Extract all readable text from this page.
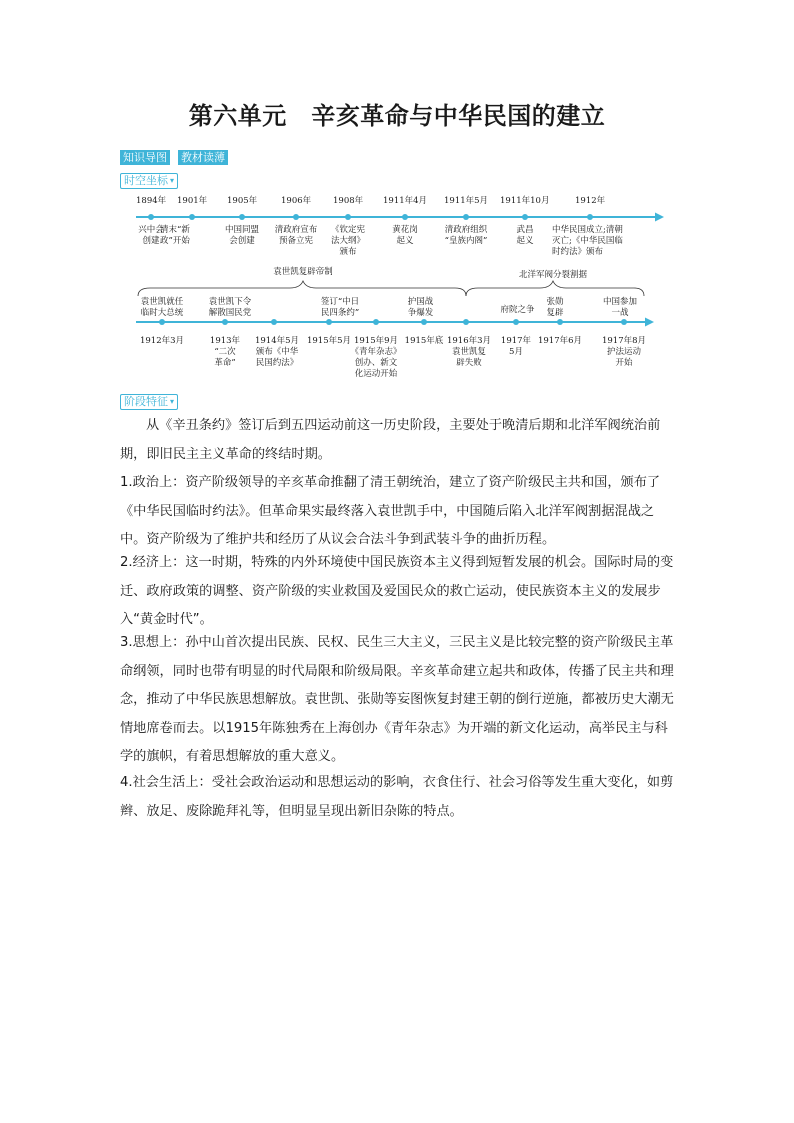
第六单元　辛亥革命与中华民国的建立
知识导图 教材读薄
时空坐标 ▾
1894年 1901年 1905年	1906年	1908年 1911年4月 1911年5月 1911年10月	1912年
兴中会
创建
清末“新
政”开始
中国同盟
会创建
清政府宣布
预备立宪
《钦定宪
法大纲》
颁布
黄花岗
起义
清政府组织
“皇族内阁”
武昌
起义
中华民国成立;清朝
灭亡;《中华民国临
时约法》颁布
袁世凯复辟帝制	北洋军阀分裂割据
袁世凯就任
临时大总统
袁世凯下令
解散国民党
签订“中日
民四条约”
护国战
争爆发	府院之争
张勋
复辟
中国参加
一战
1912年3月	1913年
“二次
革命”
1914年5月
颁布《中华
民国约法》
1915年5月 1915年9月
《青年杂志》
创办、新文
化运动开始
1915年底 1916年3月
袁世凯复
辟失败
1917年
5月
1917年6月	1917年8月
护法运动
开始
阶段特征 ▾
从《辛丑条约》签订后到五四运动前这一历史阶段，主要处于晚清后期和北洋军阀统治前期，即旧民主主义革命的终结时期。
1.政治上：资产阶级领导的辛亥革命推翻了清王朝统治，建立了资产阶级民主共和国，颁布了《中华民国临时约法》。但革命果实最终落入袁世凯手中，中国随后陷入北洋军阀割据混战之中。资产阶级为了维护共和经历了从议会合法斗争到武装斗争的曲折历程。
2.经济上：这一时期，特殊的内外环境使中国民族资本主义得到短暂发展的机会。国际时局的变迁、政府政策的调整、资产阶级的实业救国及爱国民众的救亡运动，使民族资本主义的发展步入“黄金时代”。
3.思想上：孙中山首次提出民族、民权、民生三大主义，三民主义是比较完整的资产阶级民主革命纲领，同时也带有明显的时代局限和阶级局限。辛亥革命建立起共和政体，传播了民主共和理念，推动了中华民族思想解放。袁世凯、张勋等妄图恢复封建王朝的倒行逆施，都被历史大潮无情地席卷而去。以1915年陈独秀在上海创办《青年杂志》为开端的新文化运动，高举民主与科学的旗帜，有着思想解放的重大意义。
4.社会生活上：受社会政治运动和思想运动的影响，衣食住行、社会习俗等发生重大变化，如剪辫、放足、废除跪拜礼等，但明显呈现出新旧杂陈的特点。
